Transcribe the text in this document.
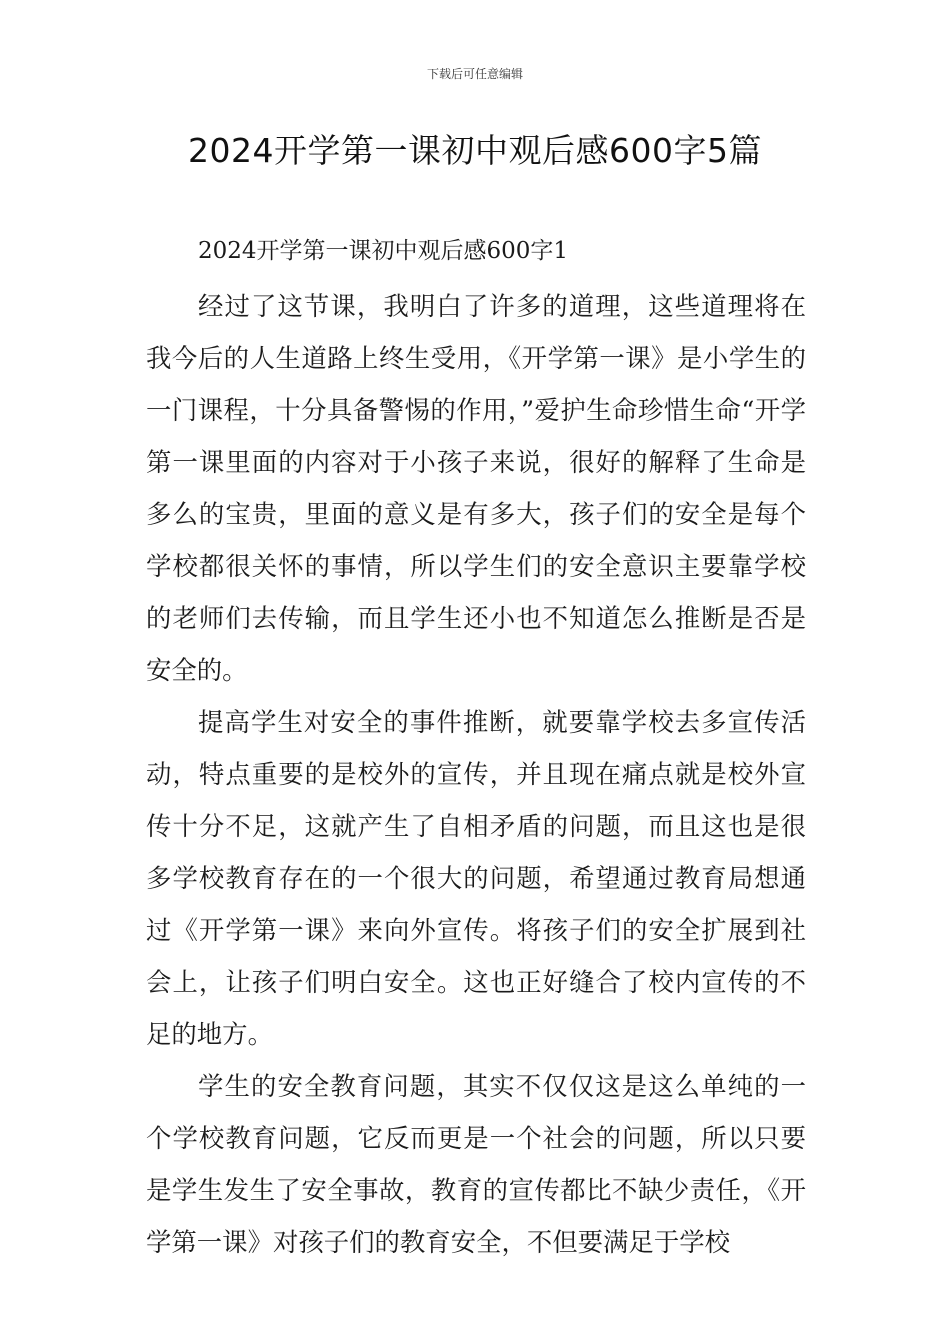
下载后可任意编辑
2024开学第一课初中观后感600字5篇

2024开学第一课初中观后感600字1

经过了这节课，我明白了许多的道理，这些道理将在我今后的人生道路上终生受用，《开学第一课》是小学生的一门课程，十分具备警惕的作用，”爱护生命珍惜生命“开学第一课里面的内容对于小孩子来说，很好的解释了生命是多么的宝贵，里面的意义是有多大，孩子们的安全是每个学校都很关怀的事情，所以学生们的安全意识主要靠学校的老师们去传输，而且学生还小也不知道怎么推断是否是安全的。

提高学生对安全的事件推断，就要靠学校去多宣传活动，特点重要的是校外的宣传，并且现在痛点就是校外宣传十分不足，这就产生了自相矛盾的问题，而且这也是很多学校教育存在的一个很大的问题，希望通过教育局想通过《开学第一课》来向外宣传。将孩子们的安全扩展到社会上，让孩子们明白安全。这也正好缝合了校内宣传的不足的地方。

学生的安全教育问题，其实不仅仅这是这么单纯的一个学校教育问题，它反而更是一个社会的问题，所以只要是学生发生了安全事故，教育的宣传都比不缺少责任，《开学第一课》对孩子们的教育安全，不但要满足于学校
